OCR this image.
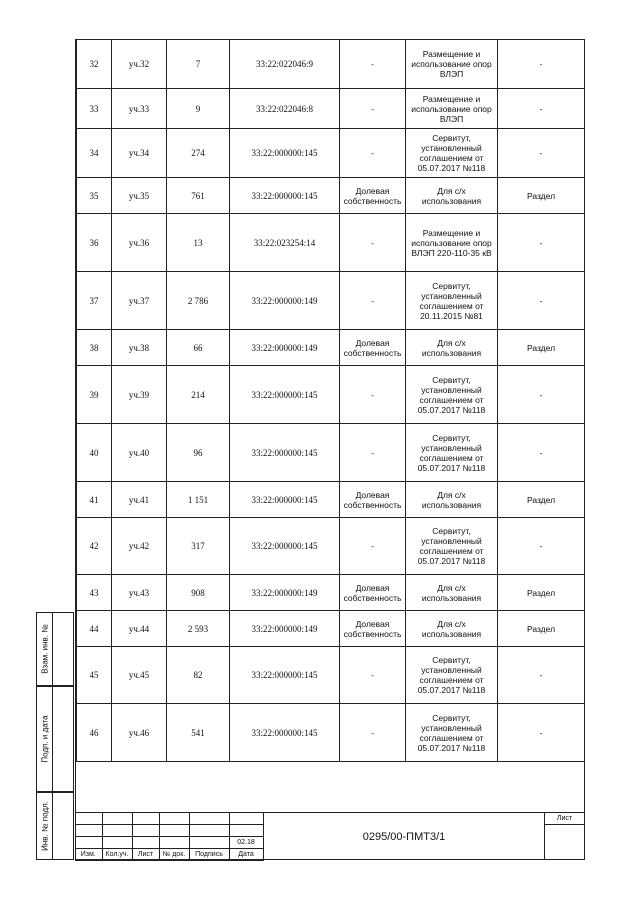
32	уч.32	7	33:22:022046:9	-	Размещение и использование опор ВЛЭП	-
33	уч.33	9	33:22:022046:8	-	Размещение и использование опор ВЛЭП	-
34	уч.34	274	33:22:000000:145	-	Сервитут, установленный соглашением от 05.07.2017 №118	-
35	уч.35	761	33:22:000000:145	Долевая собственность	Для с/х использования	Раздел
36	уч.36	13	33:22:023254:14	-	Размещение и использование опор ВЛЭП 220-110-35 кВ	-
37	уч.37	2 786	33:22:000000:149	-	Сервитут, установленный соглашением от 20.11.2015 №81	-
38	уч.38	66	33:22:000000:149	Долевая собственность	Для с/х использования	Раздел
39	уч.39	214	33:22:000000:145	-	Сервитут, установленный соглашением от 05.07.2017 №118	-
40	уч.40	96	33:22:000000:145	-	Сервитут, установленный соглашением от 05.07.2017 №118	-
41	уч.41	1 151	33:22:000000:145	Долевая собственность	Для с/х использования	Раздел
42	уч.42	317	33:22:000000:145	-	Сервитут, установленный соглашением от 05.07.2017 №118	-
43	уч.43	908	33:22:000000:149	Долевая собственность	Для с/х использования	Раздел
44	уч.44	2 593	33:22:000000:149	Долевая собственность	Для с/х использования	Раздел
45	уч.45	82	33:22:000000:145	-	Сервитут, установленный соглашением от 05.07.2017 №118	-
46	уч.46	541	33:22:000000:145	-	Сервитут, установленный соглашением от 05.07.2017 №118	-
Взам. инв. №
Подп. и дата
Инв. № подл.

						02.18
Изм.	Кол.уч.	Лист	№ док.	Подпись	Дата
0295/00-ПМТ3/1
Лист
